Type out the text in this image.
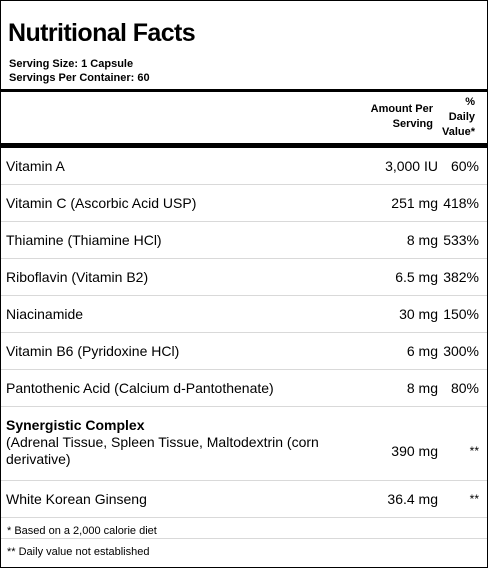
Nutritional Facts
Serving Size: 1 Capsule
Servings Per Container: 60
Amount Per
Serving
%
Daily
Value*
Vitamin A	3,000 IU 60%
Vitamin C (Ascorbic Acid USP)	251 mg 418%
Thiamine (Thiamine HCl)	8 mg 533%
Riboflavin (Vitamin B2)	6.5 mg 382%
Niacinamide	30 mg 150%
Vitamin B6 (Pyridoxine HCl)	6 mg 300%
Pantothenic Acid (Calcium d-Pantothenate)	8 mg 80%
Synergistic Complex
(Adrenal Tissue, Spleen Tissue, Maltodextrin (corn derivative)	390 mg	**
White Korean Ginseng	36.4 mg	**
* Based on a 2,000 calorie diet
** Daily value not established
